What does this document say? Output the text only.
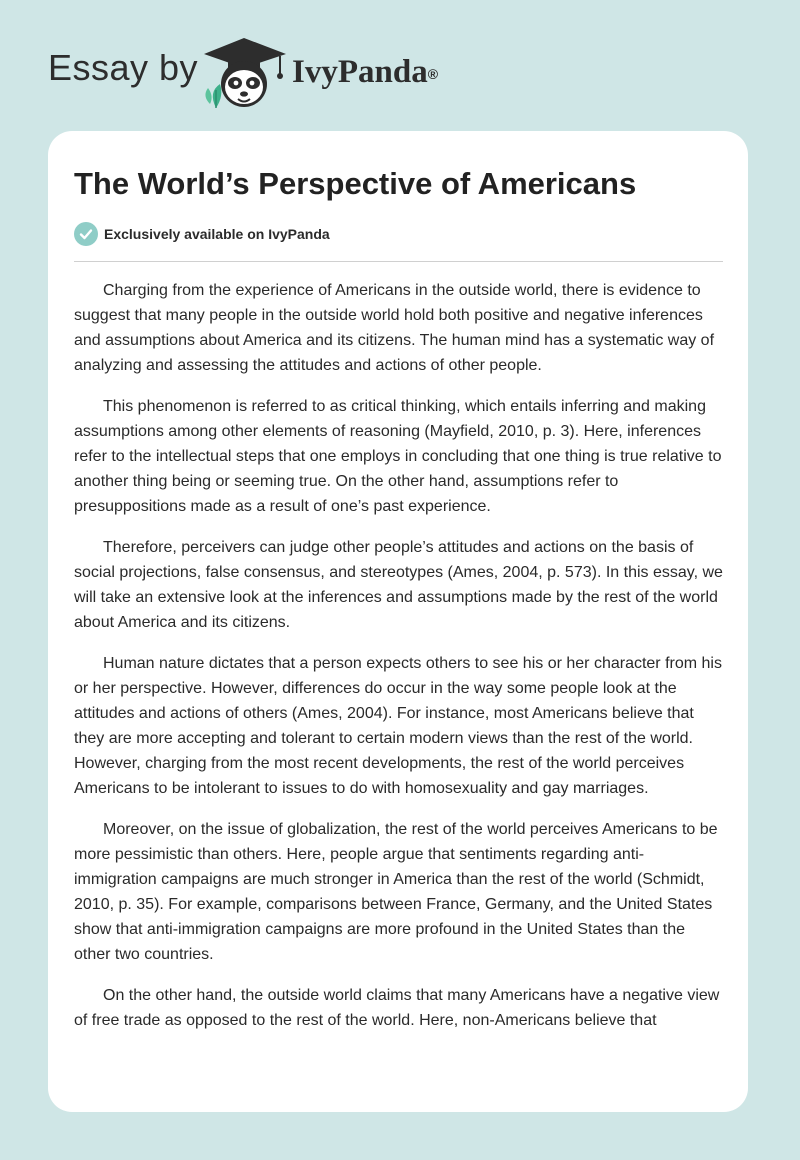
Essay by	IvyPanda®
The World’s Perspective of Americans
Exclusively available on IvyPanda

Charging from the experience of Americans in the outside world, there is evidence to suggest that many people in the outside world hold both positive and negative inferences and assumptions about America and its citizens. The human mind has a systematic way of analyzing and assessing the attitudes and actions of other people.

This phenomenon is referred to as critical thinking, which entails inferring and making assumptions among other elements of reasoning (Mayfield, 2010, p. 3). Here, inferences refer to the intellectual steps that one employs in concluding that one thing is true relative to another thing being or seeming true. On the other hand, assumptions refer to presuppositions made as a result of one’s past experience.

Therefore, perceivers can judge other people’s attitudes and actions on the basis of social projections, false consensus, and stereotypes (Ames, 2004, p. 573). In this essay, we will take an extensive look at the inferences and assumptions made by the rest of the world about America and its citizens.

Human nature dictates that a person expects others to see his or her character from his or her perspective. However, differences do occur in the way some people look at the attitudes and actions of others (Ames, 2004). For instance, most Americans believe that they are more accepting and tolerant to certain modern views than the rest of the world. However, charging from the most recent developments, the rest of the world perceives Americans to be intolerant to issues to do with homosexuality and gay marriages.

Moreover, on the issue of globalization, the rest of the world perceives Americans to be more pessimistic than others. Here, people argue that sentiments regarding anti-immigration campaigns are much stronger in America than the rest of the world (Schmidt, 2010, p. 35). For example, comparisons between France, Germany, and the United States show that anti-immigration campaigns are more profound in the United States than the other two countries.

On the other hand, the outside world claims that many Americans have a negative view of free trade as opposed to the rest of the world. Here, non-Americans believe that
